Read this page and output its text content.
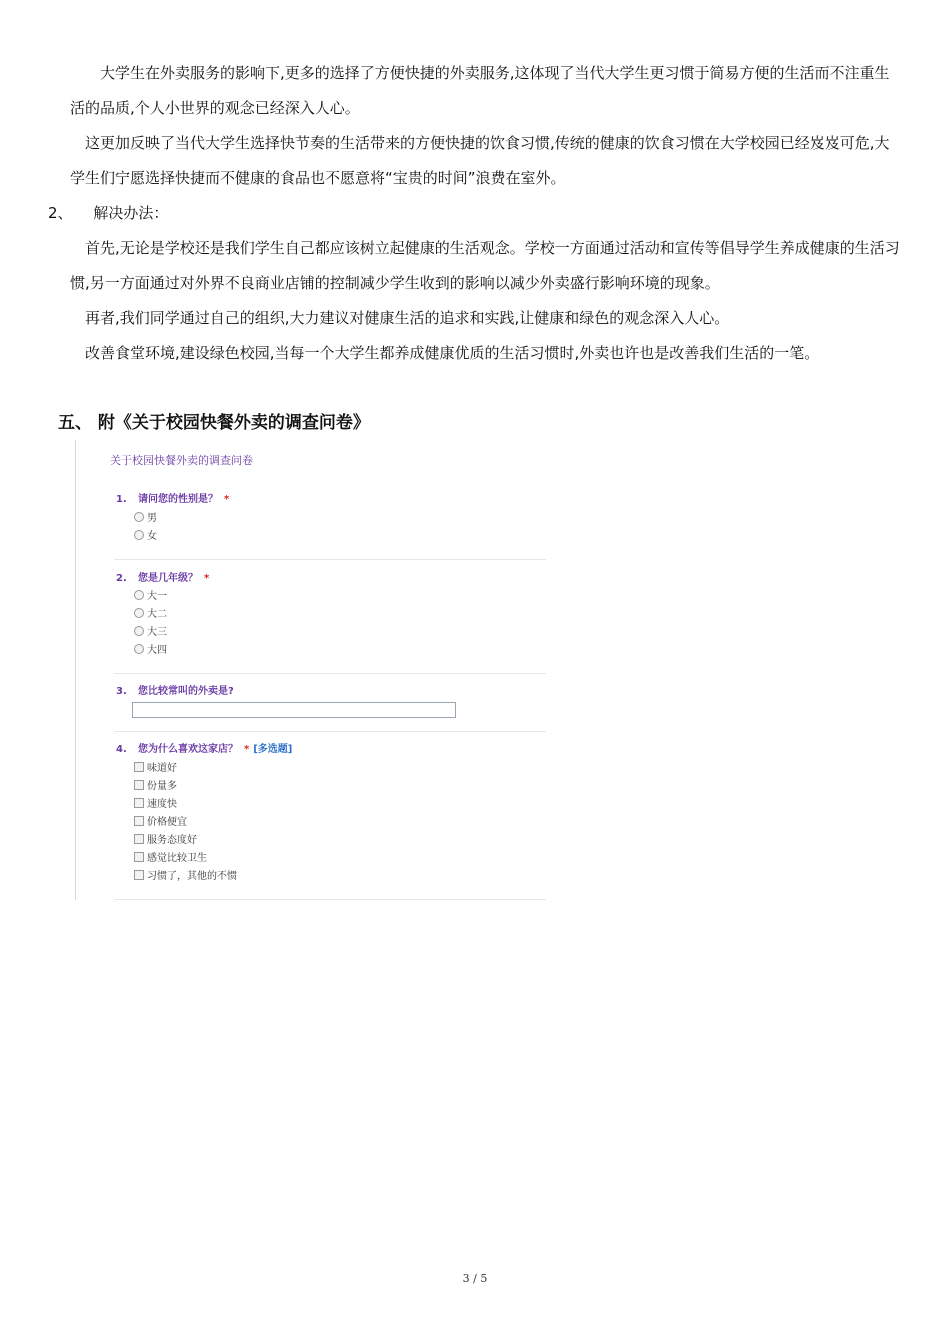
　　大学生在外卖服务的影响下,更多的选择了方便快捷的外卖服务,这体现了当代大学生更习惯于简易方便的生活而不注重生活的品质,个人小世界的观念已经深入人心。

　这更加反映了当代大学生选择快节奏的生活带来的方便快捷的饮食习惯,传统的健康的饮食习惯在大学校园已经岌岌可危,大学生们宁愿选择快捷而不健康的食品也不愿意将“宝贵的时间”浪费在室外。

2、 解决办法：

　首先,无论是学校还是我们学生自己都应该树立起健康的生活观念。学校一方面通过活动和宣传等倡导学生养成健康的生活习惯,另一方面通过对外界不良商业店铺的控制减少学生收到的影响以减少外卖盛行影响环境的现象。

　再者,我们同学通过自己的组织,大力建议对健康生活的追求和实践,让健康和绿色的观念深入人心。

　改善食堂环境,建设绿色校园,当每一个大学生都养成健康优质的生活习惯时,外卖也许也是改善我们生活的一笔。

五、 附《关于校园快餐外卖的调查问卷》
关于校园快餐外卖的调查问卷
1. 请问您的性别是？ *
男
女
2. 您是几年级？ *
大一
大二
大三
大四
3. 您比较常叫的外卖是?
4. 您为什么喜欢这家店？ * [多选题]
味道好
份量多
速度快
价格便宜
服务态度好
感觉比较卫生
习惯了，其他的不惯
3 / 5
